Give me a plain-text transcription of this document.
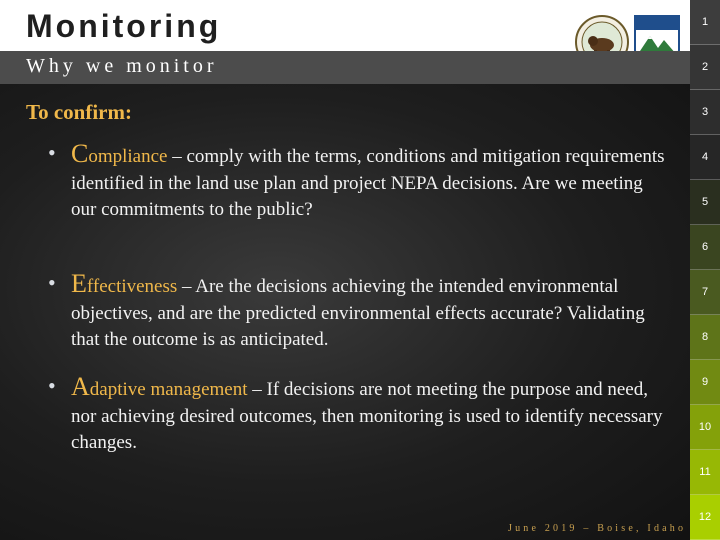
Monitoring
Why we monitor
To confirm:
• Compliance – comply with the terms, conditions and mitigation requirements identified in the land use plan and project NEPA decisions. Are we meeting our commitments to the public?
• Effectiveness – Are the decisions achieving the intended environmental objectives, and are the predicted environmental effects accurate? Validating that the outcome is as anticipated.
• Adaptive management – If decisions are not meeting the purpose and need, nor achieving desired outcomes, then monitoring is used to identify necessary changes.
June 2019 – Boise, Idaho
1
2
3
4
5
6
7
8
9
10
11
12
